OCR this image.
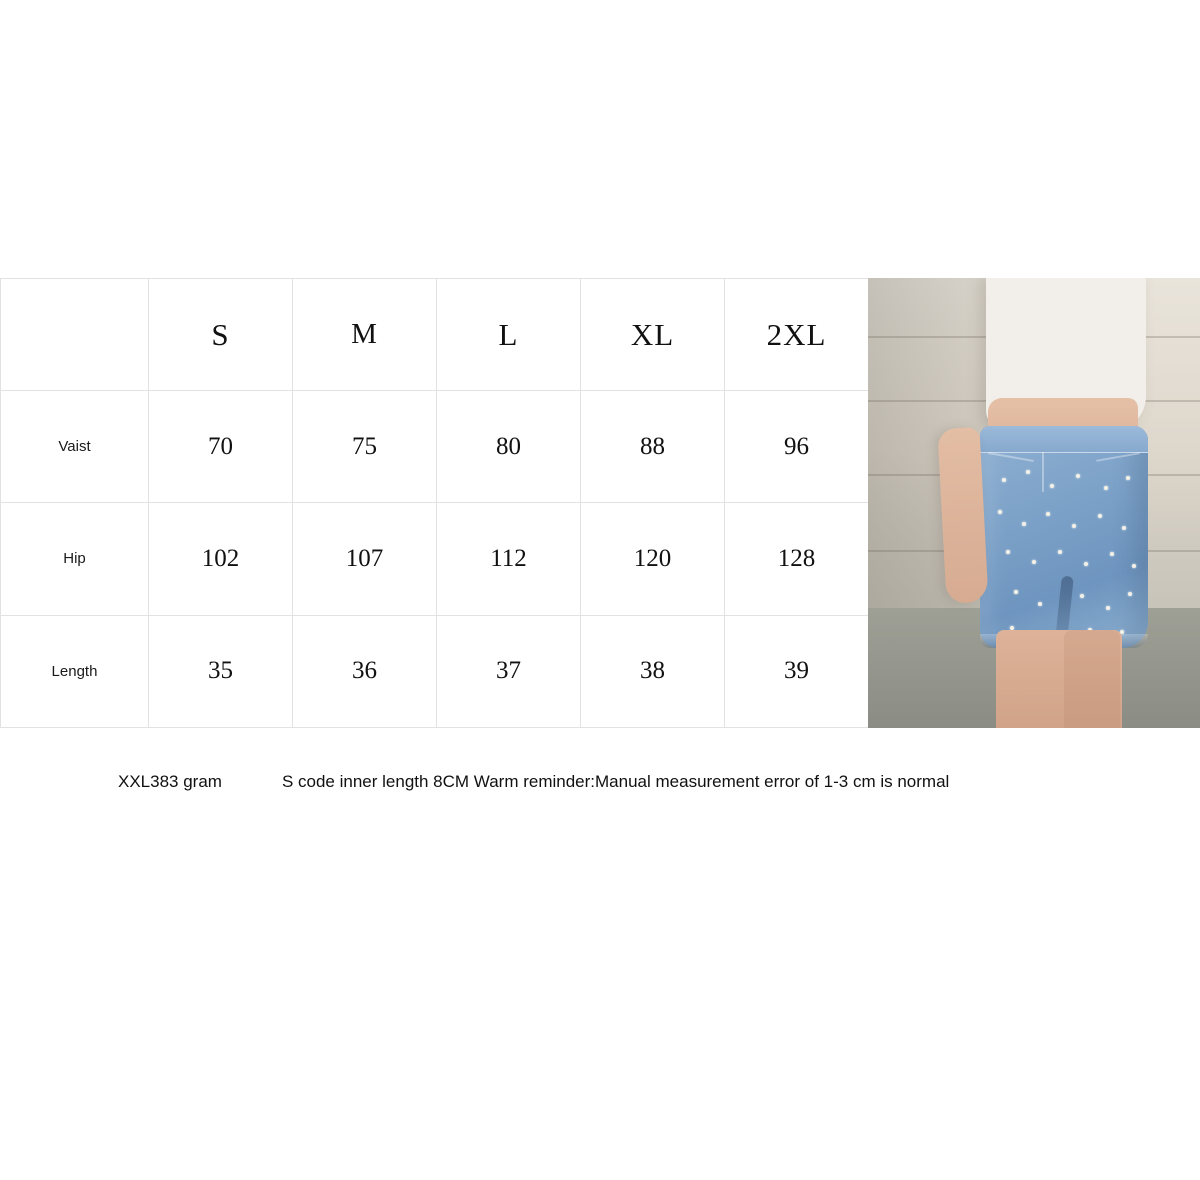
	S	M	L	XL	2XL
Vaist	70	75	80	88	96
Hip	102	107	112	120	128
Length	35	36	37	38	39
XXL383 gram	S code inner length 8CM Warm reminder: Manual measurement error of 1-3 cm is normal
